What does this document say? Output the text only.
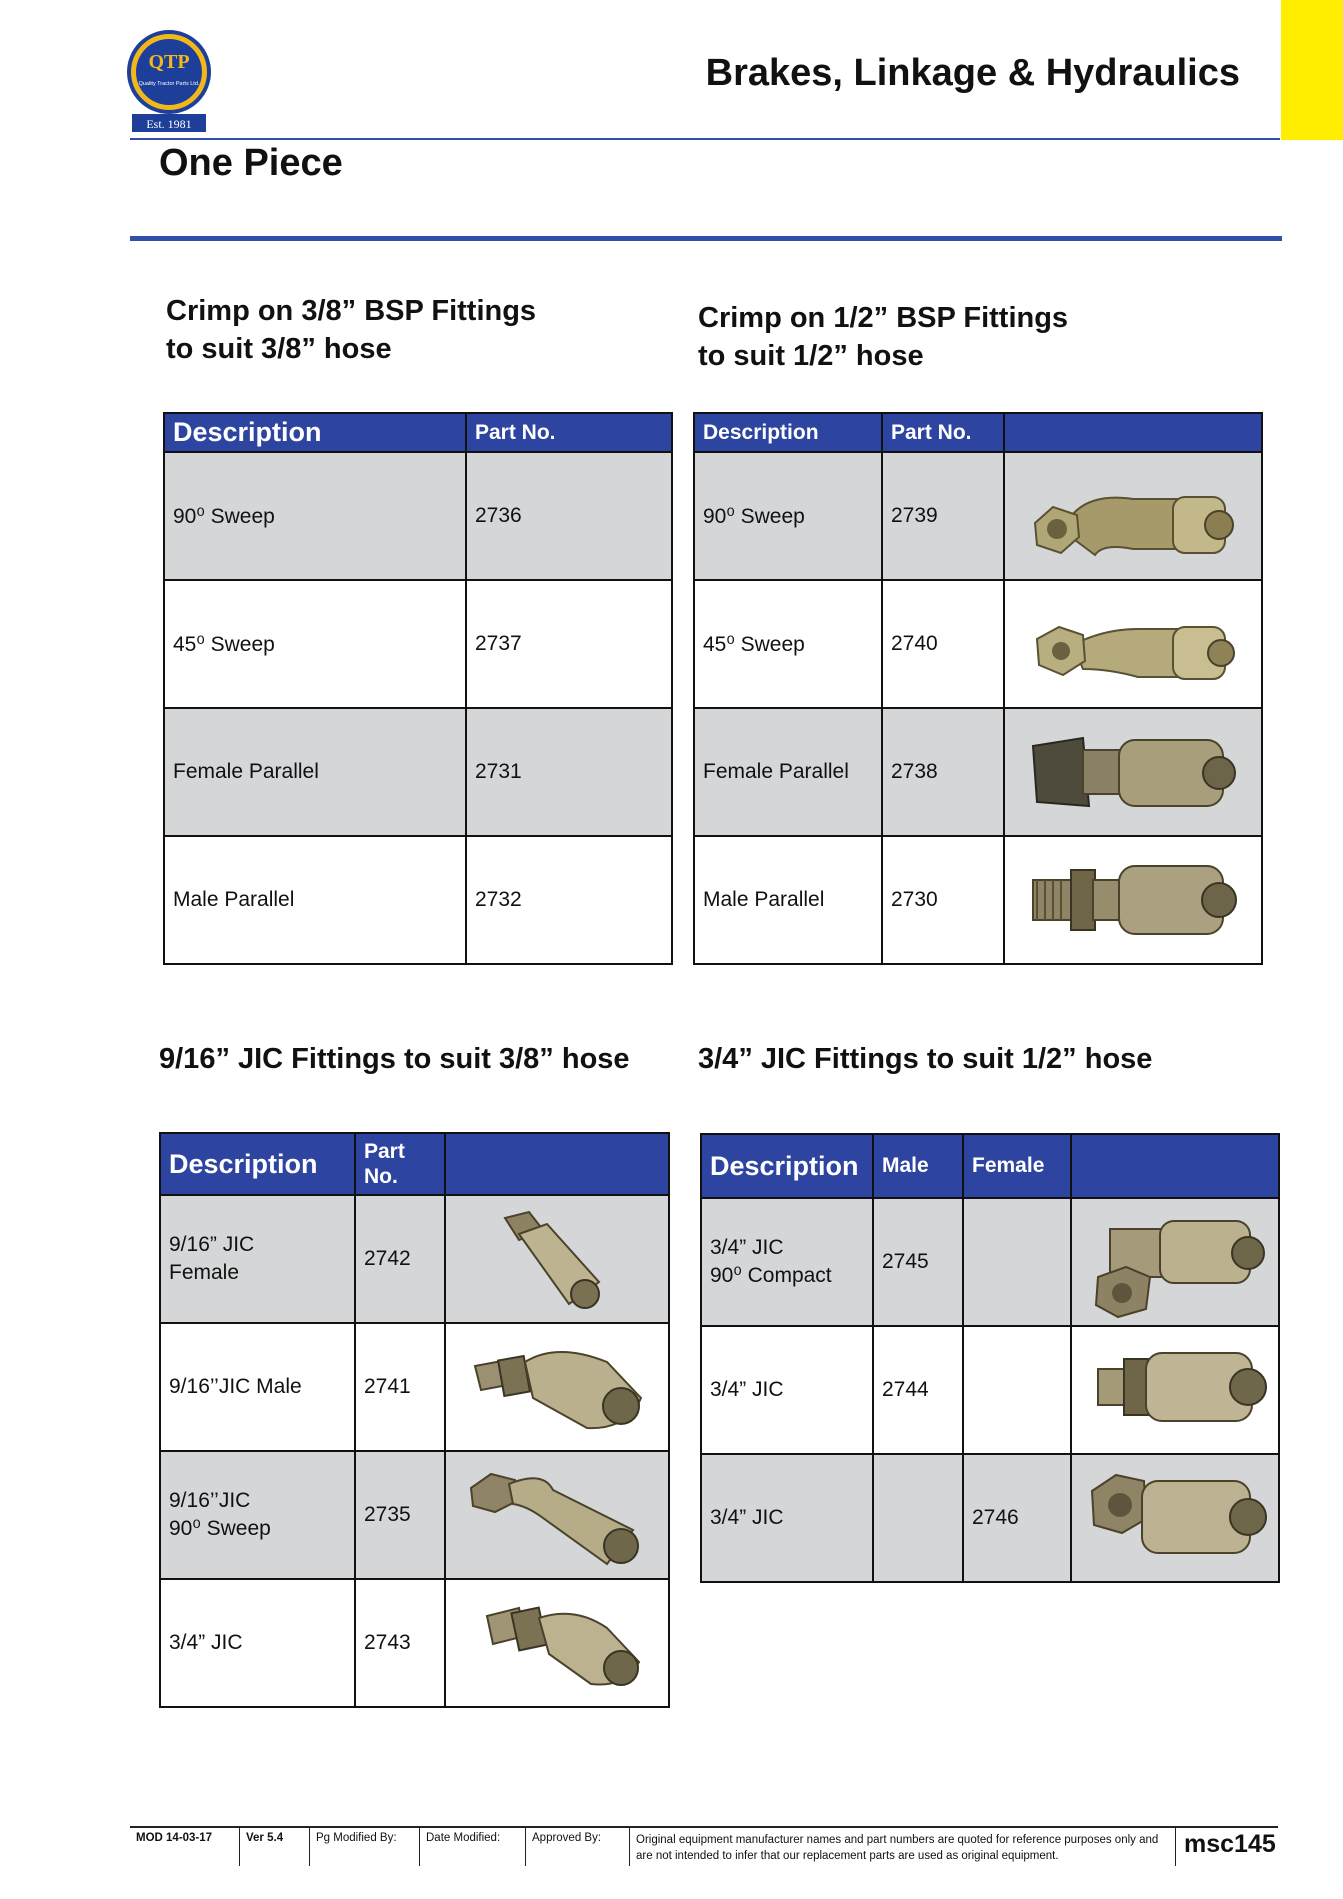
QTP
Quality Tractor Parts Ltd.
Est. 1981
Brakes, Linkage & Hydraulics
One Piece
Crimp on 3/8” BSP Fittings
to suit 3/8” hose
Description	Part No.
90⁰ Sweep	2736
45⁰ Sweep	2737
Female Parallel	2731
Male Parallel	2732
Crimp on 1/2” BSP Fittings
to suit 1/2” hose
Description	Part No.	
90⁰ Sweep	2739	

45⁰ Sweep	2740	

Female Parallel	2738	

Male Parallel	2730	
9/16” JIC Fittings to suit 3/8” hose
Description	Part No.	

9/16” JIC
Female	2742	

9/16’’JIC Male	2741	

9/16’’JIC
90⁰ Sweep	2735	

3/4” JIC	2743	
3/4” JIC Fittings to suit 1/2” hose
Description	Male	Female	

3/4” JIC
90⁰ Compact	2745		

3/4” JIC	2744		

3/4” JIC		2746	
MOD 14-03-17	Ver 5.4	Pg Modified By:	Date Modified:	Approved By:	Original equipment manufacturer names and part numbers are quoted for reference purposes only and are not intended to infer that our replacement parts are used as original equipment.	msc145
